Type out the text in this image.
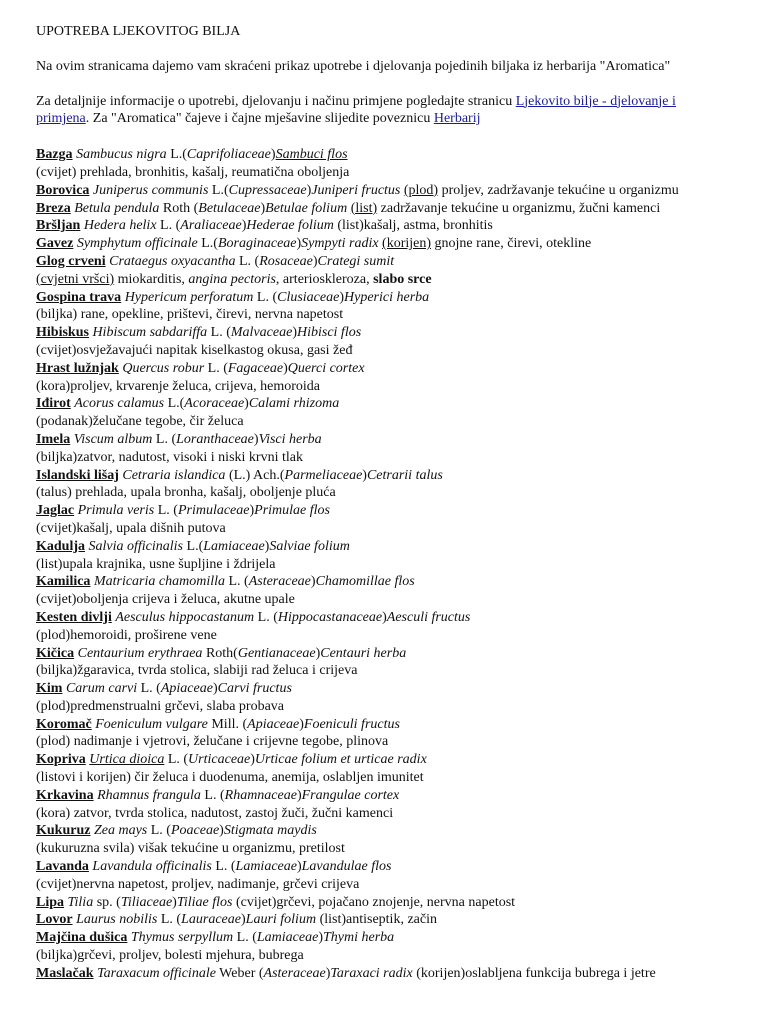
UPOTREBA LJEKOVITOG BILJA

Na ovim stranicama dajemo vam skraćeni prikaz upotrebe i djelovanja pojedinih biljaka iz herbarija "Aromatica"

Za detaljnije informacije o upotrebi, djelovanju i načinu primjene pogledajte stranicu Ljekovito bilje - djelovanje i primjena. Za "Aromatica" čajeve i čajne mješavine slijedite poveznicu Herbarij

Bazga Sambucus nigra L.(Caprifoliaceae)Sambuci flos
(cvijet) prehlada, bronhitis, kašalj, reumatična oboljenja

Borovica Juniperus communis L.(Cupressaceae)Juniperi fructus (plod) proljev, zadržavanje tekućine u organizmu

Breza Betula pendula Roth (Betulaceae)Betulae folium (list) zadržavanje tekućine u organizmu, žučni kamenci

Bršljan Hedera helix L. (Araliaceae)Hederae folium (list)kašalj, astma, bronhitis

Gavez Symphytum officinale L.(Boraginaceae)Sympyti radix (korijen) gnojne rane, čirevi, otekline

Glog crveni Crataegus oxyacantha L. (Rosaceae)Crategi sumit
(cvjetni vršci) miokarditis, angina pectoris, arterioskleroza, slabo srce

Gospina trava Hypericum perforatum L. (Clusiaceae)Hyperici herba
(biljka) rane, opekline, prištevi, čirevi, nervna napetost

Hibiskus Hibiscum sabdariffa L. (Malvaceae)Hibisci flos
(cvijet)osvježavajući napitak kiselkastog okusa, gasi žeđ

Hrast lužnjak Quercus robur L. (Fagaceae)Querci cortex
(kora)proljev, krvarenje želuca, crijeva, hemoroida

Iđirot Acorus calamus L.(Acoraceae)Calami rhizoma
(podanak)želučane tegobe, čir želuca

Imela Viscum album L. (Loranthaceae)Visci herba
(biljka)zatvor, nadutost, visoki i niski krvni tlak

Islandski lišaj Cetraria islandica (L.) Ach.(Parmeliaceae)Cetrarii talus
(talus) prehlada, upala bronha, kašalj, oboljenje pluća

Jaglac Primula veris L. (Primulaceae)Primulae flos
(cvijet)kašalj, upala dišnih putova

Kadulja Salvia officinalis L.(Lamiaceae)Salviae folium
(list)upala krajnika, usne šupljine i ždrijela

Kamilica Matricaria chamomilla L. (Asteraceae)Chamomillae flos
(cvijet)oboljenja crijeva i želuca, akutne upale

Kesten divlji Aesculus hippocastanum L. (Hippocastanaceae)Aesculi fructus
(plod)hemoroidi, proširene vene

Kičica Centaurium erythraea Roth(Gentianaceae)Centauri herba
(biljka)žgaravica, tvrda stolica, slabiji rad želuca i crijeva

Kim Carum carvi L. (Apiaceae)Carvi fructus
(plod)predmenstrualni grčevi, slaba probava

Koromač Foeniculum vulgare Mill. (Apiaceae)Foeniculi fructus
(plod) nadimanje i vjetrovi, želučane i crijevne tegobe, plinova

Kopriva Urtica dioica L. (Urticaceae)Urticae folium et urticae radix
(listovi i korijen) čir želuca i duodenuma, anemija, oslabljen imunitet

Krkavina Rhamnus frangula L. (Rhamnaceae)Frangulae cortex
(kora) zatvor, tvrda stolica, nadutost, zastoj žuči, žučni kamenci

Kukuruz Zea mays L. (Poaceae)Stigmata maydis
(kukuruzna svila) višak tekućine u organizmu, pretilost

Lavanda Lavandula officinalis L. (Lamiaceae)Lavandulae flos
(cvijet)nervna napetost, proljev, nadimanje, grčevi crijeva

Lipa Tilia sp. (Tiliaceae)Tiliae flos (cvijet)grčevi, pojačano znojenje, nervna napetost

Lovor Laurus nobilis L. (Lauraceae)Lauri folium (list)antiseptik, začin

Majčina dušica Thymus serpyllum L. (Lamiaceae)Thymi herba
(biljka)grčevi, proljev, bolesti mjehura, bubrega

Maslačak Taraxacum officinale Weber (Asteraceae)Taraxaci radix (korijen)oslabljena funkcija bubrega i jetre
